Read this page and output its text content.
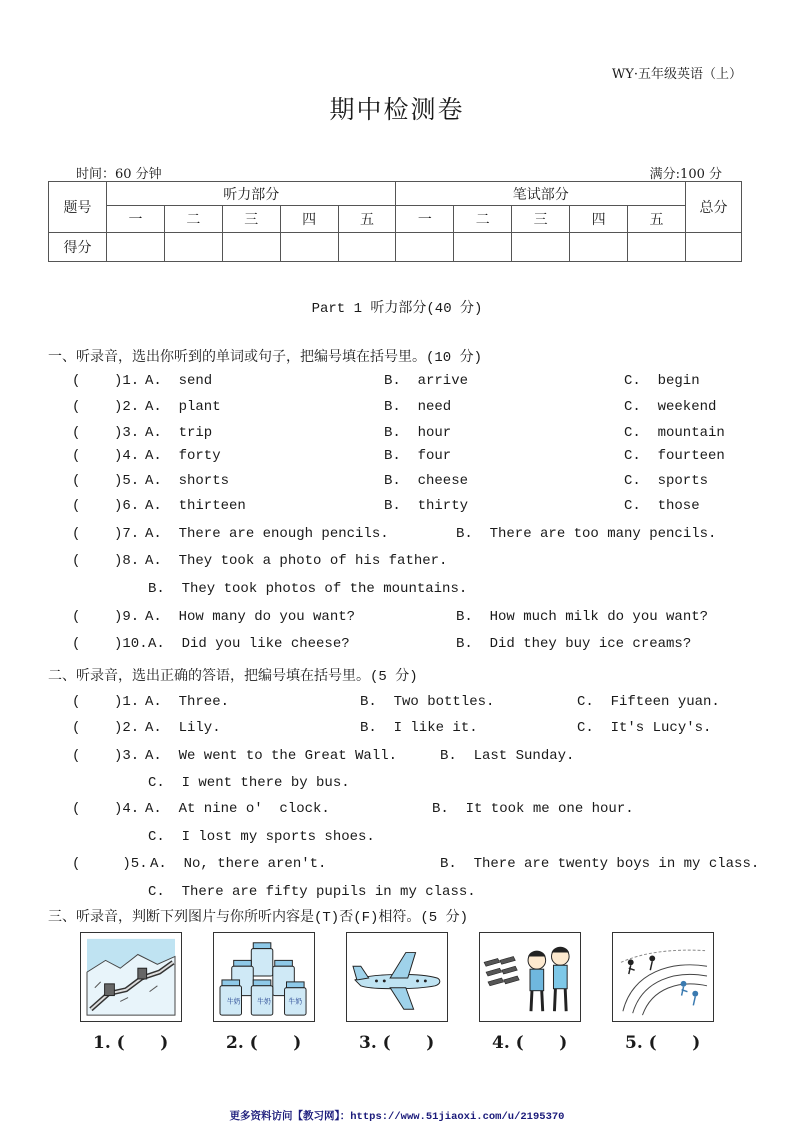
WY·五年级英语（上）
期中检测卷
时间：60 分钟	满分:100 分
题号	听力部分					笔试部分					总分
	一	二	三	四	五	一	二	三	四	五	
得分											
Part 1 听力部分(40 分)
一、听录音，选出你听到的单词或句子，把编号填在括号里。(10 分)
(    )1. A.  send	B.  arrive	C.  begin
(    )2. A.  plant	B.  need	C.  weekend
(    )3. A.  trip	B.  hour	C.  mountain
(    )4. A.  forty	B.  four	C.  fourteen
(    )5. A.  shorts	B.  cheese	C.  sports
(    )6. A.  thirteen	B.  thirty	C.  those
(    )7. A.  There are enough pencils.	B.  There are too many pencils.
(    )8. A.  They took a photo of his father.
B.  They took photos of the mountains.
(    )9. A.  How many do you want?	B.  How much milk do you want?
(    )10. A.  Did you like cheese?	B.  Did they buy ice creams?
二、听录音，选出正确的答语，把编号填在括号里。(5 分)
(    )1. A.  Three.	B.  Two bottles.	C.  Fifteen yuan.
(    )2. A.  Lily.	B.  I like it.	C.  It's Lucy's.
(    )3. A.  We went to the Great Wall.	B.  Last Sunday.
C.  I went there by bus.
(    )4. A.  At nine o'  clock.	B.  It took me one hour.
C.  I lost my sports shoes.
(     )5. A.  No, there aren't.	B.  There are twenty boys in my class.
C.  There are fifty pupils in my class.
三、听录音，判断下列图片与你所听内容是(T)否(F)相符。(5 分)
牛奶 牛奶	牛奶
1. (      )	2. (      )	3. (      )	4. (      )	5. (      )
更多资料访问【教习网】：https://www.51jiaoxi.com/u/2195370
